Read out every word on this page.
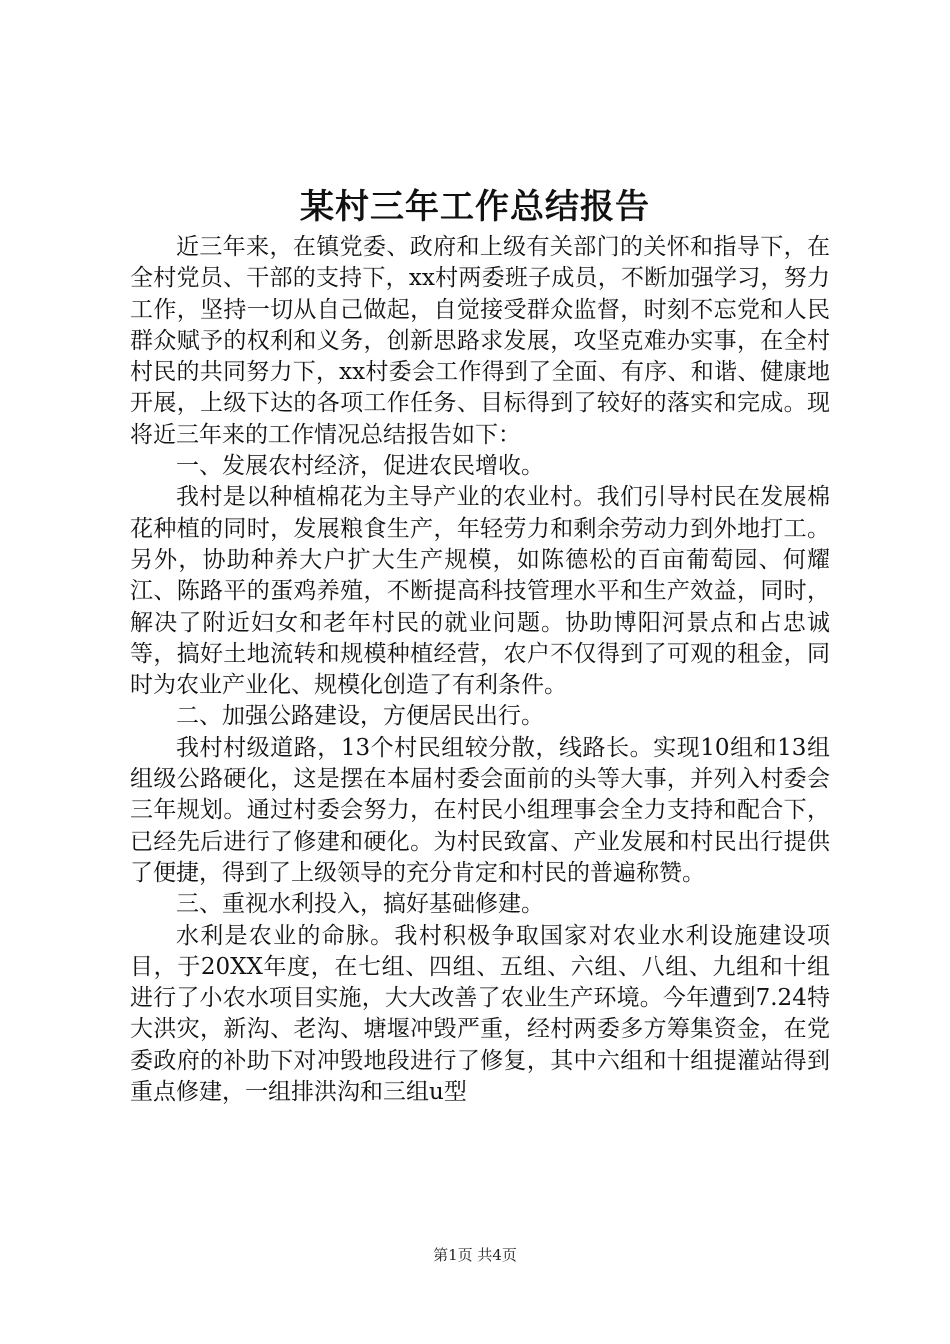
某村三年工作总结报告

近三年来，在镇党委、政府和上级有关部门的关怀和指导下，在全村党员、干部的支持下，xx村两委班子成员，不断加强学习，努力工作，坚持一切从自己做起，自觉接受群众监督，时刻不忘党和人民群众赋予的权利和义务，创新思路求发展，攻坚克难办实事，在全村村民的共同努力下，xx村委会工作得到了全面、有序、和谐、健康地开展，上级下达的各项工作任务、目标得到了较好的落实和完成。现将近三年来的工作情况总结报告如下：

一、发展农村经济，促进农民增收。

我村是以种植棉花为主导产业的农业村。我们引导村民在发展棉花种植的同时，发展粮食生产，年轻劳力和剩余劳动力到外地打工。另外，协助种养大户扩大生产规模，如陈德松的百亩葡萄园、何耀江、陈路平的蛋鸡养殖，不断提高科技管理水平和生产效益，同时，解决了附近妇女和老年村民的就业问题。协助博阳河景点和占忠诚等，搞好土地流转和规模种植经营，农户不仅得到了可观的租金，同时为农业产业化、规模化创造了有利条件。

二、加强公路建设，方便居民出行。

我村村级道路，13个村民组较分散，线路长。实现10组和13组组级公路硬化，这是摆在本届村委会面前的头等大事，并列入村委会三年规划。通过村委会努力，在村民小组理事会全力支持和配合下，已经先后进行了修建和硬化。为村民致富、产业发展和村民出行提供了便捷，得到了上级领导的充分肯定和村民的普遍称赞。

三、重视水利投入，搞好基础修建。

水利是农业的命脉。我村积极争取国家对农业水利设施建设项目，于20XX年度，在七组、四组、五组、六组、八组、九组和十组进行了小农水项目实施，大大改善了农业生产环境。今年遭到7.24特大洪灾，新沟、老沟、塘堰冲毁严重，经村两委多方筹集资金，在党委政府的补助下对冲毁地段进行了修复，其中六组和十组提灌站得到重点修建，一组排洪沟和三组u型

第1页 共4页
